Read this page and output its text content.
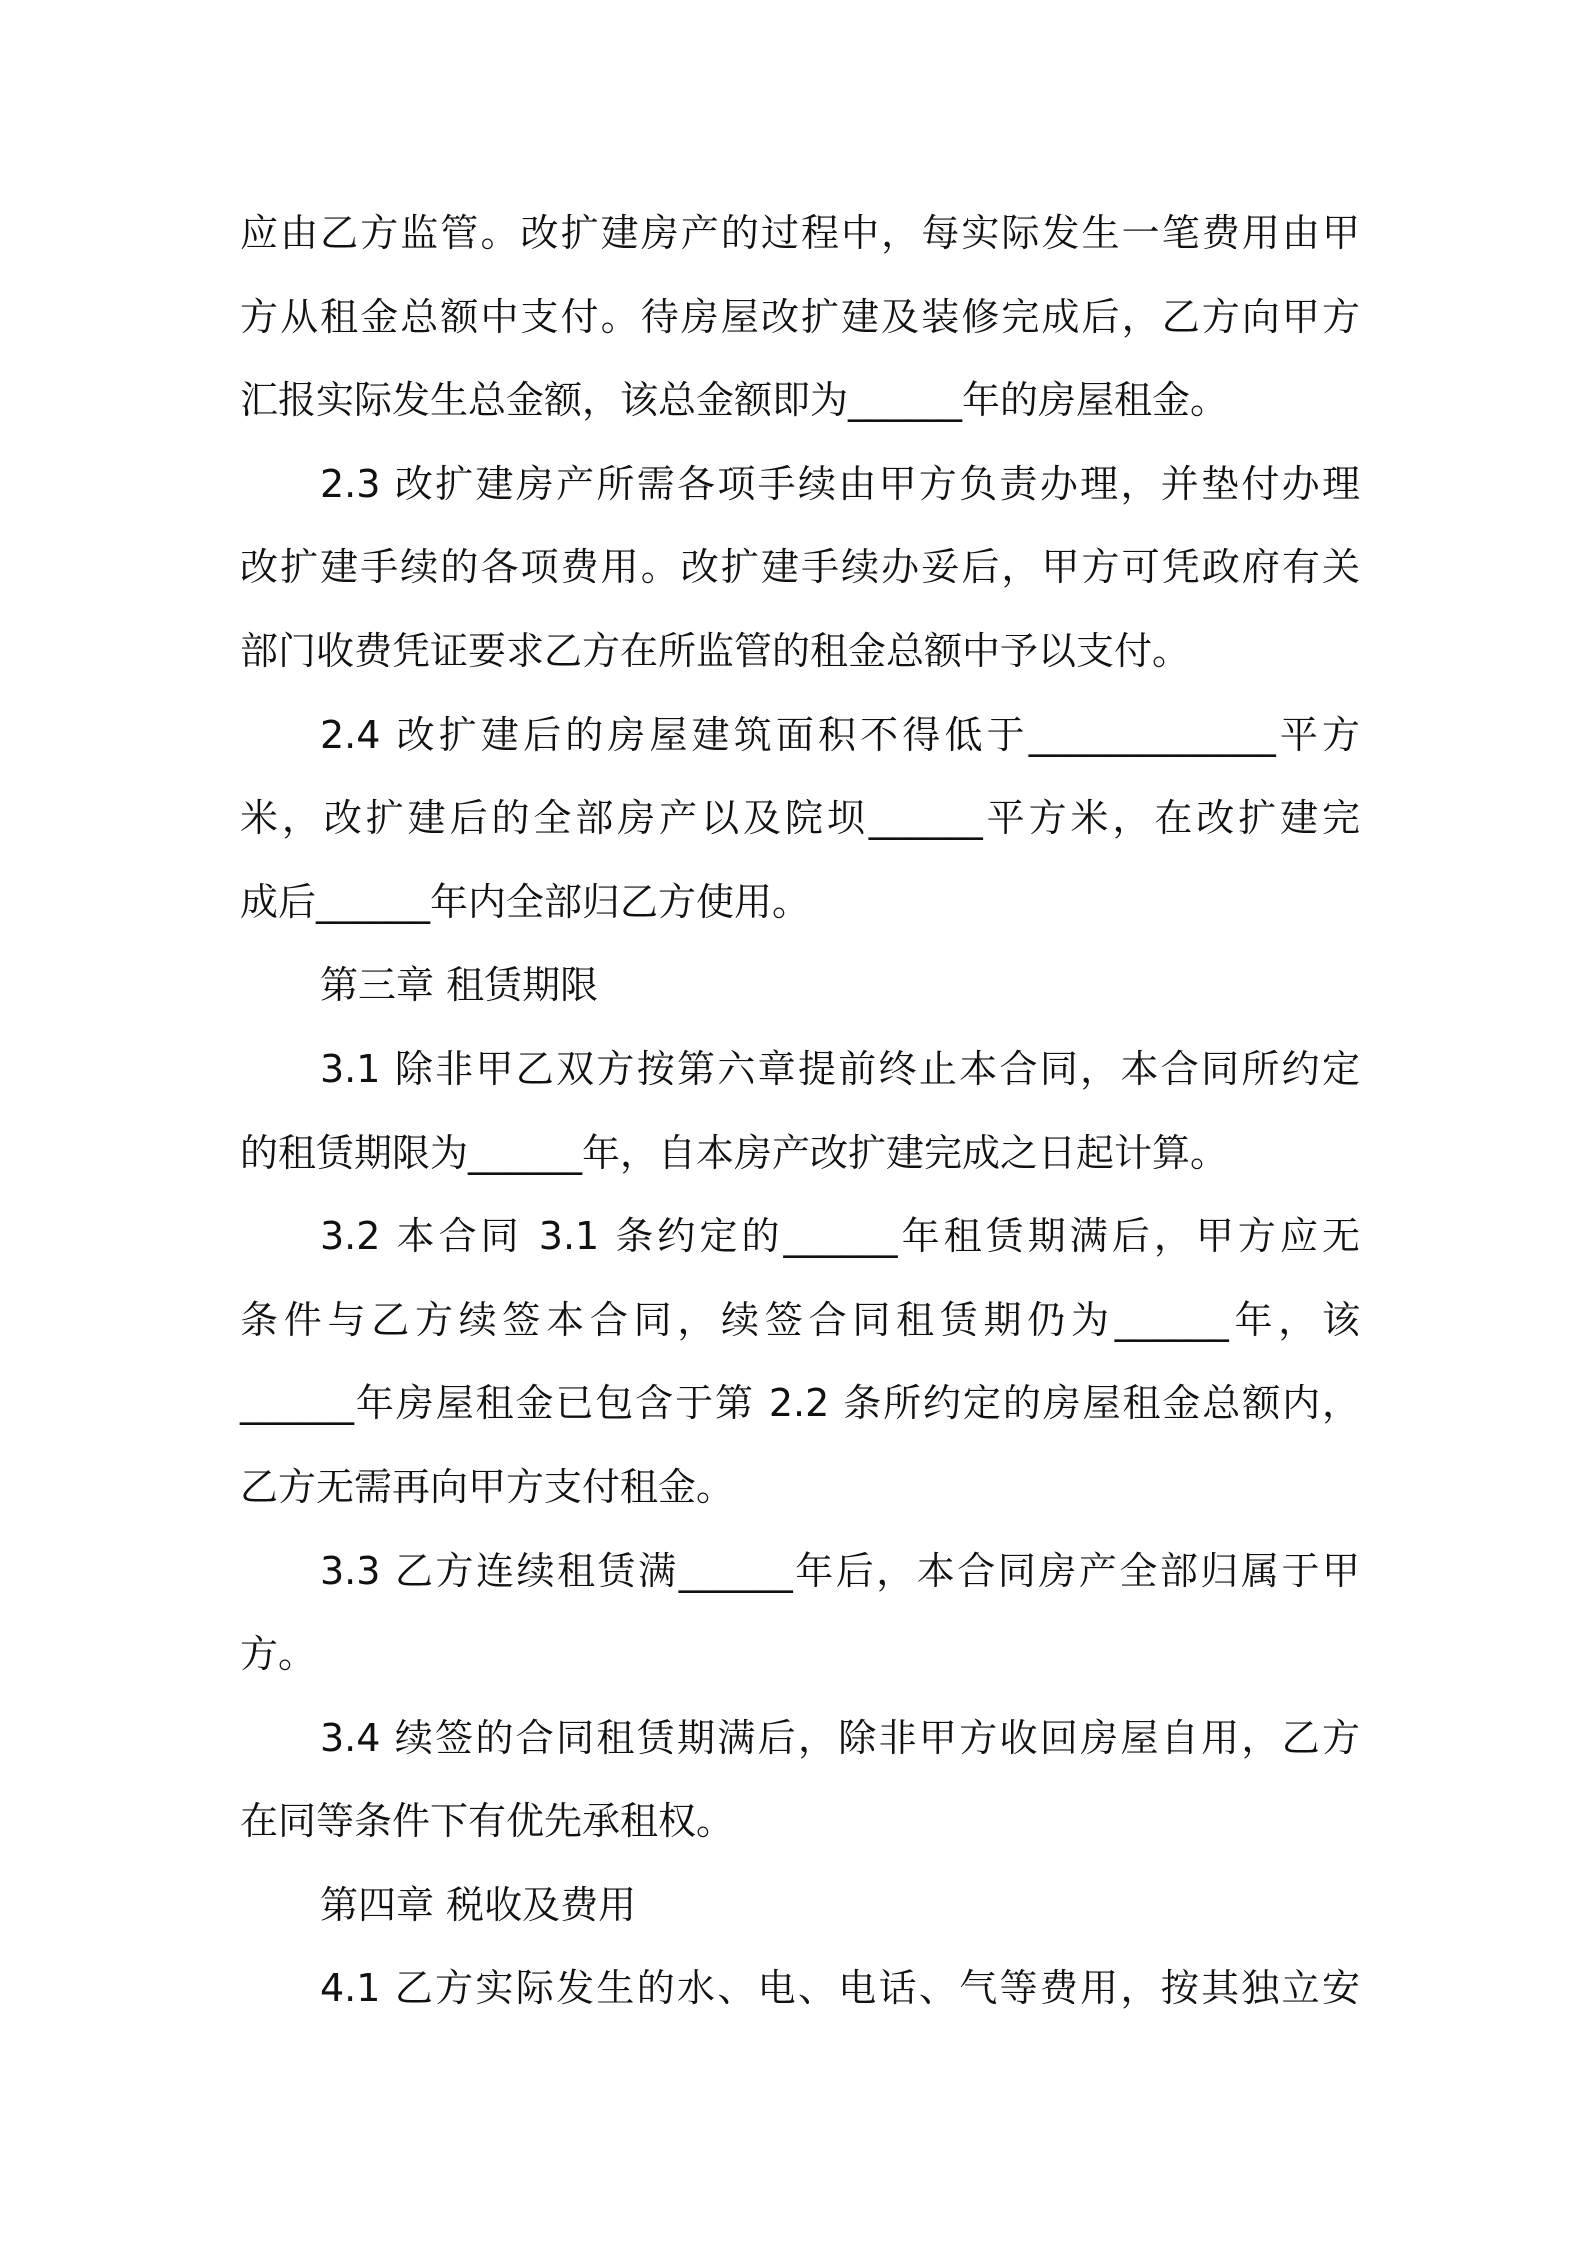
应由乙方监管。改扩建房产的过程中，每实际发生一笔费用由甲
方从租金总额中支付。待房屋改扩建及装修完成后，乙方向甲方
汇报实际发生总金额，该总金额即为______年的房屋租金。
2.3 改扩建房产所需各项手续由甲方负责办理，并垫付办理
改扩建手续的各项费用。改扩建手续办妥后，甲方可凭政府有关
部门收费凭证要求乙方在所监管的租金总额中予以支付。
2.4 改扩建后的房屋建筑面积不得低于_____________平方
米，改扩建后的全部房产以及院坝______平方米，在改扩建完
成后______年内全部归乙方使用。
第三章 租赁期限
3.1 除非甲乙双方按第六章提前终止本合同，本合同所约定
的租赁期限为______年，自本房产改扩建完成之日起计算。
3.2 本合同 3.1 条约定的______年租赁期满后，甲方应无
条件与乙方续签本合同，续签合同租赁期仍为______年，该
______年房屋租金已包含于第 2.2 条所约定的房屋租金总额内，
乙方无需再向甲方支付租金。
3.3 乙方连续租赁满______年后，本合同房产全部归属于甲
方。
3.4 续签的合同租赁期满后，除非甲方收回房屋自用，乙方
在同等条件下有优先承租权。
第四章 税收及费用
4.1 乙方实际发生的水、电、电话、气等费用，按其独立安
